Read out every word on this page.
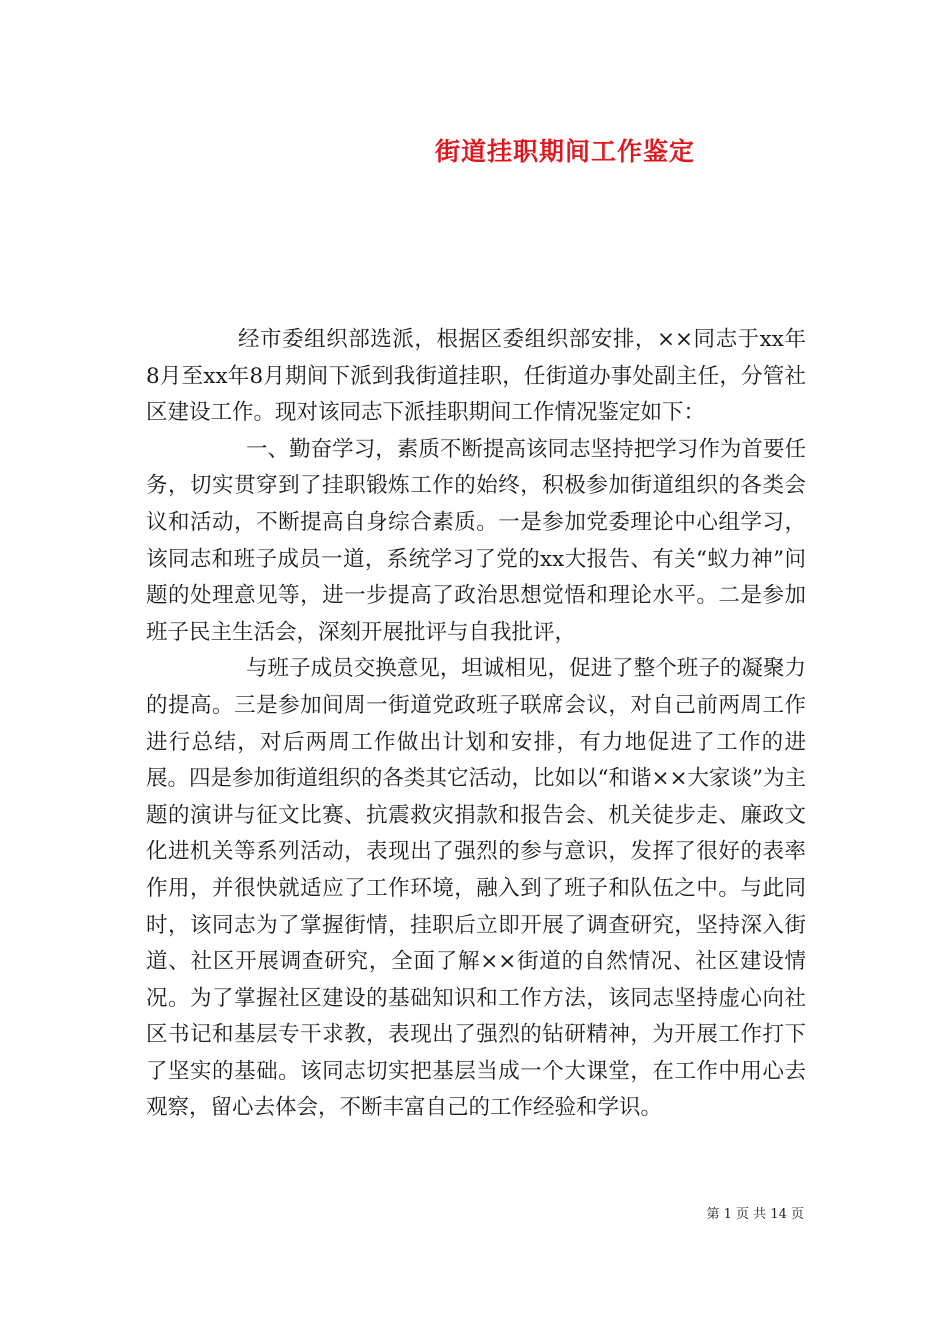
街道挂职期间工作鉴定

经市委组织部选派，根据区委组织部安排，××同志于xx年8月至xx年8月期间下派到我街道挂职，任街道办事处副主任，分管社区建设工作。现对该同志下派挂职期间工作情况鉴定如下：

一、勤奋学习，素质不断提高该同志坚持把学习作为首要任务，切实贯穿到了挂职锻炼工作的始终，积极参加街道组织的各类会议和活动，不断提高自身综合素质。一是参加党委理论中心组学习，该同志和班子成员一道，系统学习了党的xx大报告、有关“蚁力神”问题的处理意见等，进一步提高了政治思想觉悟和理论水平。二是参加班子民主生活会，深刻开展批评与自我批评，

与班子成员交换意见，坦诚相见，促进了整个班子的凝聚力的提高。三是参加间周一街道党政班子联席会议，对自己前两周工作进行总结，对后两周工作做出计划和安排，有力地促进了工作的进展。四是参加街道组织的各类其它活动，比如以“和谐××大家谈”为主题的演讲与征文比赛、抗震救灾捐款和报告会、机关徒步走、廉政文化进机关等系列活动，表现出了强烈的参与意识，发挥了很好的表率作用，并很快就适应了工作环境，融入到了班子和队伍之中。与此同时，该同志为了掌握街情，挂职后立即开展了调查研究，坚持深入街道、社区开展调查研究，全面了解××街道的自然情况、社区建设情况。为了掌握社区建设的基础知识和工作方法，该同志坚持虚心向社区书记和基层专干求教，表现出了强烈的钻研精神，为开展工作打下了坚实的基础。该同志切实把基层当成一个大课堂，在工作中用心去观察，留心去体会，不断丰富自己的工作经验和学识。

第 1 页 共 14 页
